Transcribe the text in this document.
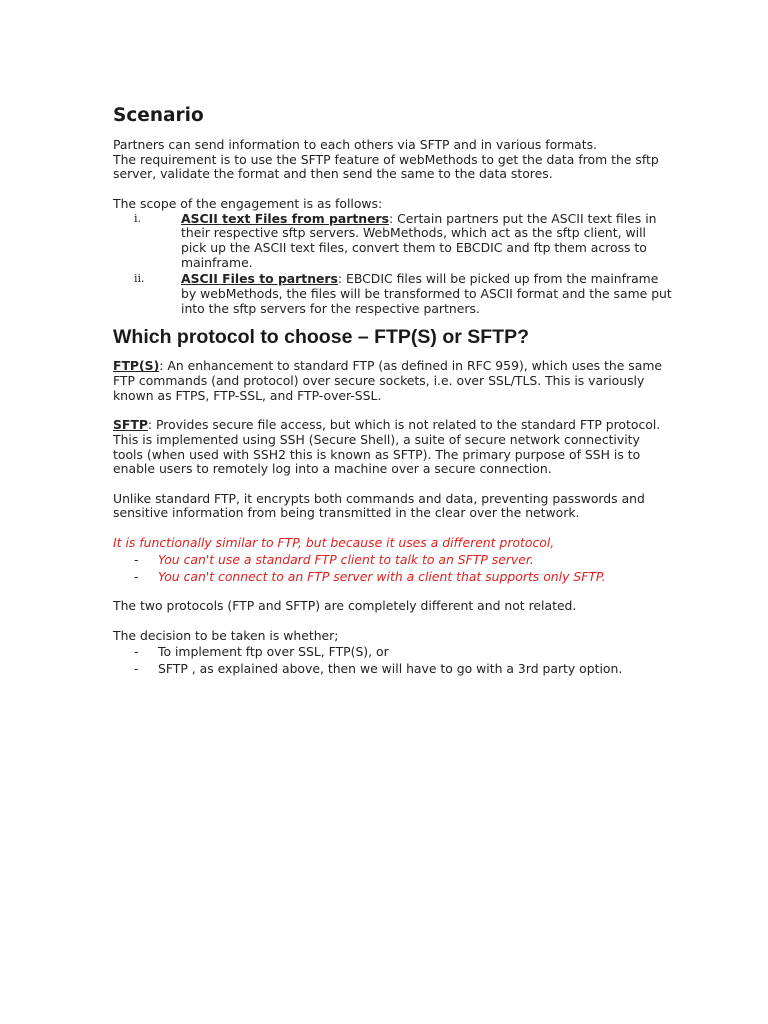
Scenario

Partners can send information to each others via SFTP and in various formats.

The requirement is to use the SFTP feature of webMethods to get the data from the sftp server, validate the format and then send the same to the data stores.

The scope of the engagement is as follows:

i.	ASCII text Files from partners: Certain partners put the ASCII text files in their respective sftp servers. WebMethods, which act as the sftp client, will pick up the ASCII text files, convert them to EBCDIC and ftp them across to mainframe.
ii.	ASCII Files to partners: EBCDIC files will be picked up from the mainframe by webMethods, the files will be transformed to ASCII format and the same put into the sftp servers for the respective partners.
Which protocol to choose – FTP(S) or SFTP?

FTP(S): An enhancement to standard FTP (as defined in RFC 959), which uses the same FTP commands (and protocol) over secure sockets, i.e. over SSL/TLS. This is variously known as FTPS, FTP-SSL, and FTP-over-SSL.

SFTP: Provides secure file access, but which is not related to the standard FTP protocol. This is implemented using SSH (Secure Shell), a suite of secure network connectivity tools (when used with SSH2 this is known as SFTP). The primary purpose of SSH is to enable users to remotely log into a machine over a secure connection.

Unlike standard FTP, it encrypts both commands and data, preventing passwords and sensitive information from being transmitted in the clear over the network.

It is functionally similar to FTP, but because it uses a different protocol,

- You can't use a standard FTP client to talk to an SFTP server.
- You can't connect to an FTP server with a client that supports only SFTP.

The two protocols (FTP and SFTP) are completely different and not related.

The decision to be taken is whether;

- To implement ftp over SSL, FTP(S), or
- SFTP , as explained above, then we will have to go with a 3rd party option.
